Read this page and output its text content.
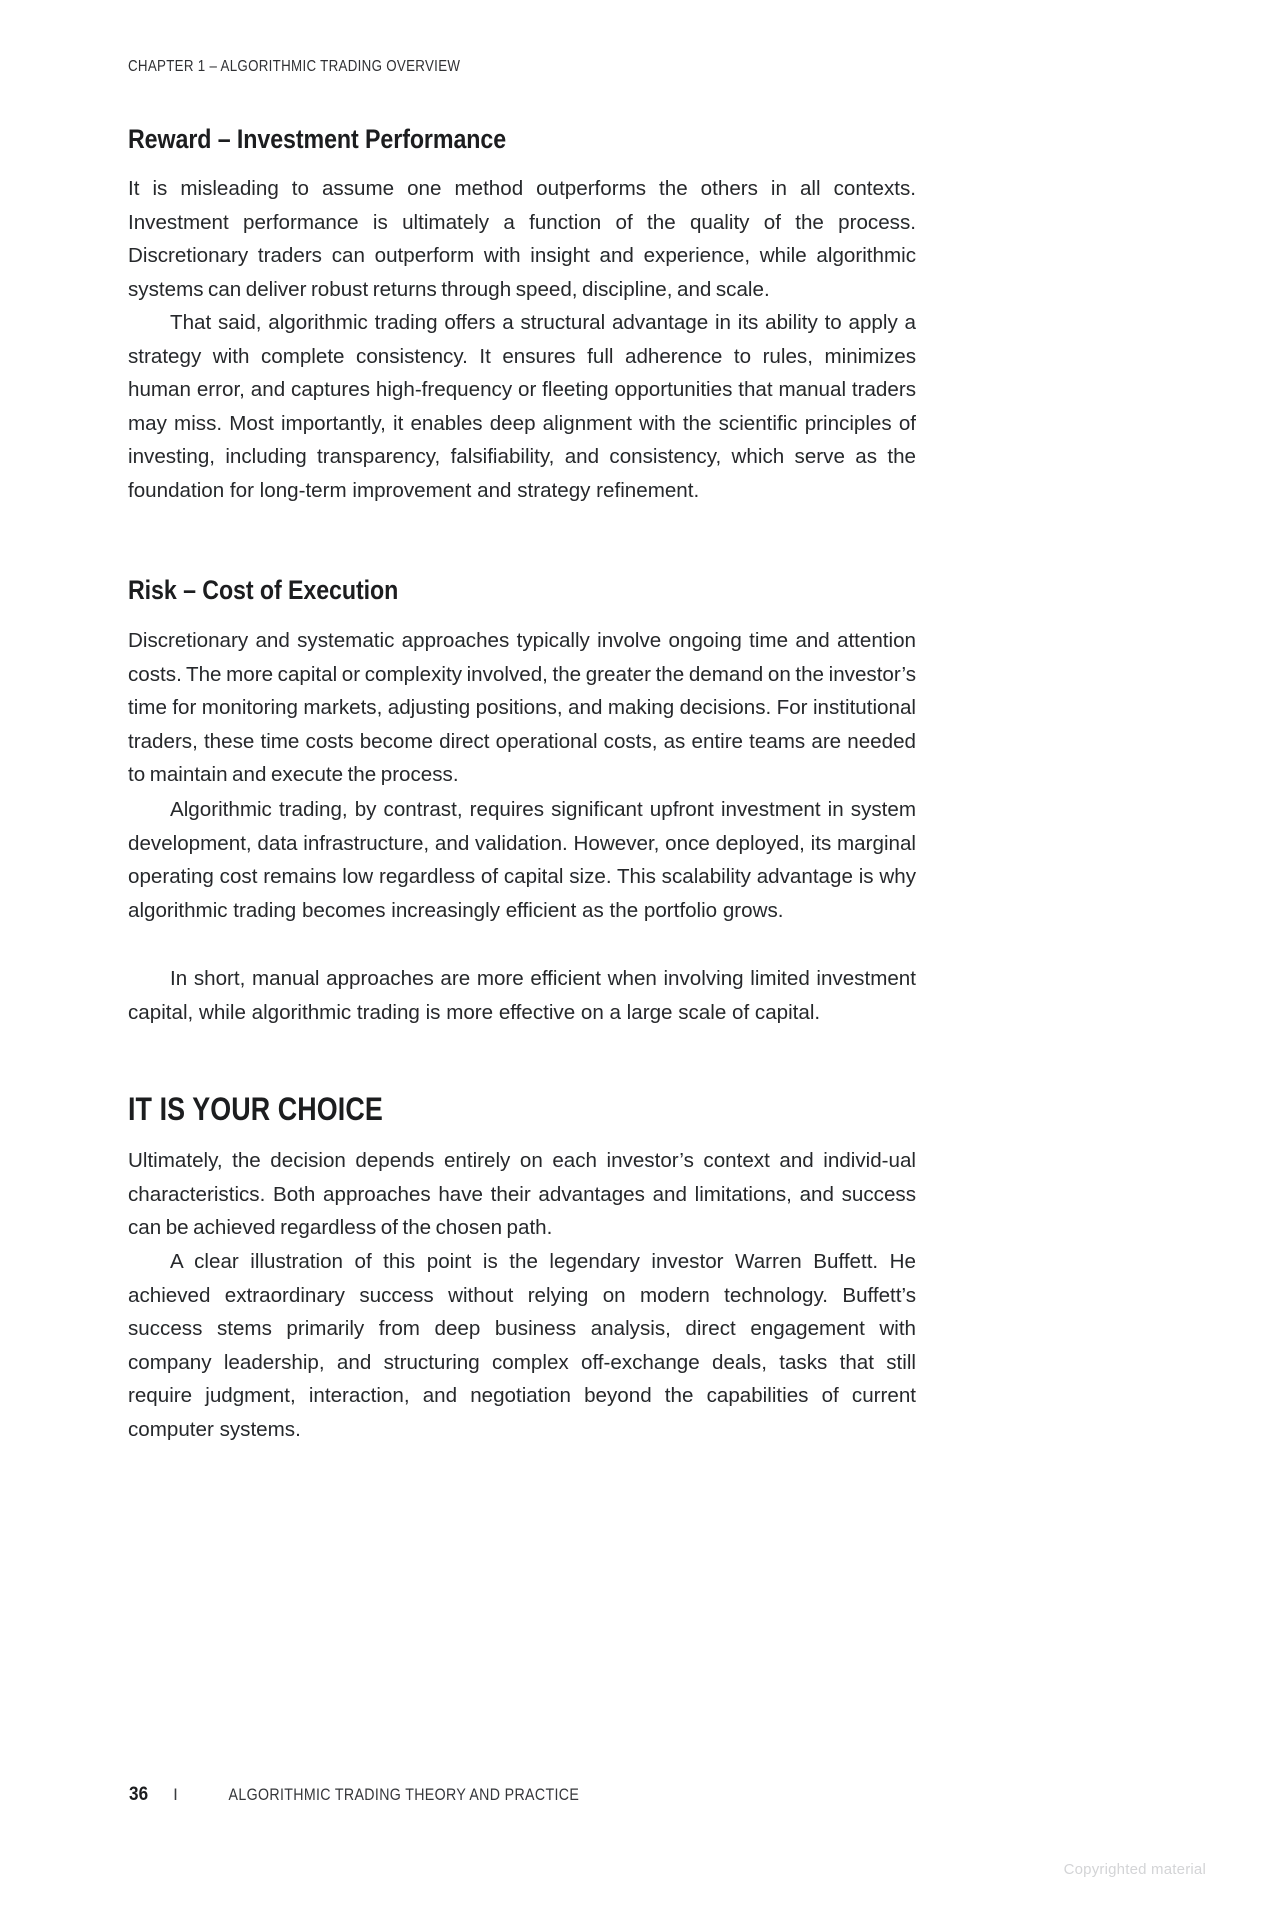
CHAPTER 1 – ALGORITHMIC TRADING OVERVIEW
Reward – Investment Performance

It is misleading to assume one method outperforms the others in all contexts. Investment performance is ultimately a function of the quality of the process. Discretionary traders can outperform with insight and experience, while algorithmic systems can deliver robust returns through speed, discipline, and scale.

That said, algorithmic trading offers a structural advantage in its ability to apply a strategy with complete consistency. It ensures full adherence to rules, minimizes human error, and captures high-frequency or fleeting opportunities that manual traders may miss. Most importantly, it enables deep alignment with the scientific principles of investing, including transparency, falsifiability, and consistency, which serve as the foundation for long-term improvement and strategy refinement.

Risk – Cost of Execution

Discretionary and systematic approaches typically involve ongoing time and attention costs. The more capital or complexity involved, the greater the demand on the investor’s time for monitoring markets, adjusting positions, and making decisions. For institutional traders, these time costs become direct operational costs, as entire teams are needed to maintain and execute the process.

Algorithmic trading, by contrast, requires significant upfront investment in system development, data infrastructure, and validation. However, once deployed, its marginal operating cost remains low regardless of capital size. This scalability advantage is why algorithmic trading becomes increasingly efficient as the portfolio grows.

In short, manual approaches are more efficient when involving limited investment capital, while algorithmic trading is more effective on a large scale of capital.

IT IS YOUR CHOICE

Ultimately, the decision depends entirely on each investor’s context and individ-ual characteristics. Both approaches have their advantages and limitations, and success can be achieved regardless of the chosen path.

A clear illustration of this point is the legendary investor Warren Buffett. He achieved extraordinary success without relying on modern technology. Buffett’s success stems primarily from deep business analysis, direct engagement with company leadership, and structuring complex off-exchange deals, tasks that still require judgment, interaction, and negotiation beyond the capabilities of current computer systems.

36 I	ALGORITHMIC TRADING THEORY AND PRACTICE
Copyrighted material
